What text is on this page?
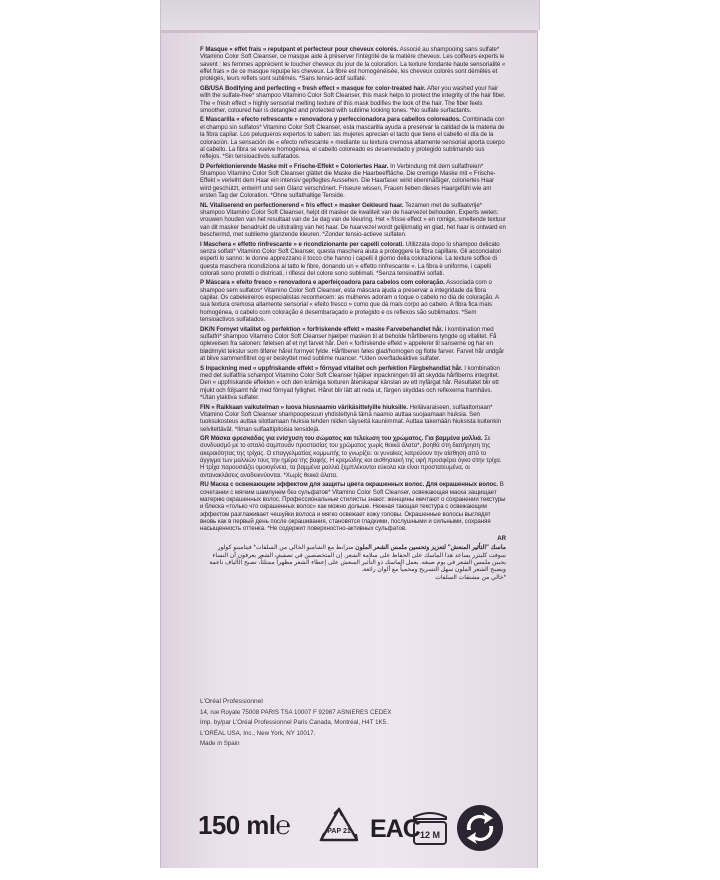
F Masque « effet frais » repulpant et perfecteur pour cheveux colorés. Associé au shampooing sans sulfate* Vitamino Color Soft Cleanser, ce masque aide à préserver l'intégrité de la matière cheveux. Les coiffeurs experts le savent : les femmes apprécient le toucher cheveux du jour de la coloration. La texture fondante haute sensorialité « effet frais » de ce masque repulpe les cheveux. La fibre est homogénéisée, les cheveux colorés sont démêlés et protégés, leurs reflets sont sublimés. *Sans tensio-actif sulfaté.

GB/USA Bodifying and perfecting « fresh effect » masque for color-treated hair. After you washed your hair with the sulfate-free* shampoo Vitamino Color Soft Cleanser, this mask helps to protect the integrity of the hair fiber. The « fresh effect » highly sensorial melting texture of this mask bodifies the look of the hair. The fiber feels smoother, coloured hair is detangled and protected with sublime looking tones. *No sulfate surfactants.

E Mascarilla « efecto refrescante » renovadora y perfeccionadora para cabellos coloreados. Combinada con el champú sin sulfatos* Vitamino Color Soft Cleanser, esta mascarilla ayuda a preservar la calidad de la materia de la fibra capilar. Los peluqueros expertos lo saben: las mujeres aprecian el tacto que tiene el cabello el día de la coloración. La sensación de « efecto refrescante » mediante su textura cremosa altamente sensorial aporta cuerpo al cabello. La fibra se vuelve homogénea, el cabello coloreado es desenredado y protegido sublimando sus reflejos. *Sin tensioactivos sulfatados.

D Perfektionierende Maske mit « Frische-Effekt » Coloriertes Haar. In Verbindung mit dem sulfatfreien* Shampoo Vitamino Color Soft Cleanser glättet die Maske die Haarbeeffläche. Die cremige Maske mit « Frische-Effekt » verleiht dem Haar ein intensiv gepflegtes Aussehen. Die Haarfaser wirkt ebenmäßiger, coloriertes Haar wird geschützt, entwirrt und sein Glanz verschönert. Friseure wissen, Frauen lieben dieses Haargefühl wie am ersten Tag der Coloration. *Ohne sulfathaltige Tenside.

NL Vitaliserend en perfectionerend « fris effect » masker Gekleurd haar. Tezamen met de sulfaatvrije* shampoo Vitamino Color Soft Cleanser, helpt dit masker de kwaliteit van de haarvezel behouden. Experts weten: vrouwen houden van het resultaat van de 1e dag van de kleuring. Het « frisse effect » en romige, smeltende textuur van dit masker benadrukt de uitstraling van het haar. De haarvezel wordt gelijkmatig en glad, het haar is ontward en beschermd, met sublieme glanzende kleuren. *Zonder tensio-actieve sulfaten.

I Maschera « effetto rinfrescante » e ricondizionante per capelli colorati. Utilizzata dopo lo shampoo delicato senza solfati* Vitamino Color Soft Cleanser, questa maschera aiuta a proteggere la fibra capillare. Gli acconciatori esperti lo sanno: le donne apprezzano il tocco che hanno i capelli il giorno della colorazione. La texture soffice di questa maschera ricondiziona al tatto le fibre, donando un « effetto rinfrescante ». La fibra è uniforme, i capelli colorati sono protetti o districati, i riflessi del colore sono sublimati. *Senza tensioattivi solfati.

P Máscara « efeito fresco » renovadora e aperfeiçoadora para cabelos com coloração. Associada com o shampoo sem sulfatos* Vitamino Color Soft Cleanser, esta máscara ajuda a preservar a integridade da fibra capilar. Os cabeleireiros especialistas reconhecem: as mulheres adoram o toque o cabelo no dia de coloração. A sua textura cremosa altamente sensorial « efeito fresco » como que dá mais corpo ao cabelo. A fibra fica mais homogénea, o cabelo com coloração é desembaraçado e protegido e os reflexos são sublimados. *Sem tensioactivos sulfatados.

DK/N Fornyet vitalitet og perfektion « forfriskende effekt » maske Farvebehandlet hår. I kombination med sulfatfri* shampoo Vitamino Color Soft Cleanser hjælper masken til at beholde hårfiberens tyngde og vitalitet. Få opleveisen fra salonen: følelsen af et nyt farvet hår. Den « forfriskende effekt » appelerer til sanserne og har en blød/mykt tekstur som tilfører håret formyet fylde. Hårfiberen føles glad/homogen og flotte farver. Farvet hår undgår at blive sammenfiltret og er beskyttet med sublime nuancer. *Uden overfladeaktive sulfater.

S Inpackning med « uppfriskande effekt » förnyad vitalitet och perfektion Färgbehandlat hår. I kombination med det sulfatfria schampot Vitamino Color Soft Cleanser hjälper inpackningen till att skydda hårfiberns integritet. Den « uppfriskande effekten » och den krämiga texturen återskapar känslan av ett nyfärgat hår. Resultatet blir ett mjukt och följsamt hår med förnyad fyllighet. Håret blir lätt att reda ut, färgen skyddas och reflexerna framhävs. *Utan ytaktiva sulfater.

FIN « Raikkaan vaikutelman » luova hiusnaamio värikäsittelyille hiuksille. Hellävaraiseen, sulfaattomaan* Vitamino Color Soft Cleanser shampoopesuun yhdistettynä tämä naamio auttaa suojaamaan hiuksia. Sen tuoksukosteus auttaa silottamaan hiuksia tehden niiden säyseitä kauniimmat. Auttaa takemään hiuksista kuitenkin selvitettävät. *Ilman sulfaattipitoisia tensidejä.

GR Μάσκα φρεσκάδας για ενίσχυση του σώματος και τελείωση του χρώματος. Για βαμμένα μαλλιά. Σε συνδυασμό με το απαλό σαμπουάν προστασίας του χρώματος χωρίς θειικά άλατα*, βοηθά στη διατήρηση της ακεραιότητας της τρίχας. Ο επαγγελματίας κομμωτής το γνωρίζει: οι γυναίκες λατρεύουν την αίσθηση από το άγγιγμα των μαλλιών τους την ημέρα της βαφής. Η κρεμώδης και αισθησιακή της υφή προσφέρει όγκο στην τρίχα. Η τρίχα παρουσιάζει ομοιογένεια, τα βαμμένα μαλλιά ξεμπλέκονται εύκολα και είναι προστατευμένα, οι αντανακλάσεις αναδεικνύονται. *Χωρίς θειικά άλατα.

RU Маска с освежающим эффектом для защиты цвета окрашенных волос. Для окрашенных волос. В сочетании с мягким шампунем без сульфатов* Vitamino Color Soft Cleanser, освежающая маска защищает материю окрашенных волос. Профессиональные стилисты знают: женщины мечтают о сохранении текстуры и блеска «только что окрашенных волос» как можно дольше. Нежная тающая текстура с освежающим эффектом разглаживает чешуйки волоса и мягко освежает кожу головы. Окрашенные волосы выглядят вновь как в первый день после окрашивания, становятся гладкими, послушными и сильными, сохраняя насыщенность оттенка. *Не содержит поверхностно-активных сульфатов.

AR

ماسك "التأثير المنعش" لتعزيز وتحسين ملمس الشعر الملون مترابط مع الشامبو الخالي من السلفات* فيتامينو كولور سوفت كلينزر يساعد هذا الماسك على الحفاظ على سلامة الشعر. إن المتخصصين في تصفيف الشعر يعرفون أن النساء يحببن ملمس الشعر في يوم صبغه. يعمل الماسك ذو التأثير المنعش على إعطاء الشعر مظهراً ممتلئاً، تصبح الألياف ناعمة ويصبح الشعر الملون سهل التسريح ومحمياً مع ألوان رائعة.
*خالي من مشتقات السلفات

L'Oréal Professionnel
14, rue Royale 75008 PARIS TSA 10007 F 92987 ASNIERES CEDEX
Imp. by/par L'Oréal Professionnel Paris Canada, Montréal, H4T 1K5.
L'ORÉAL USA, Inc., New York, NY 10017.
Made in Spain
150 ml℮	PAP 21 EAC 12 M
